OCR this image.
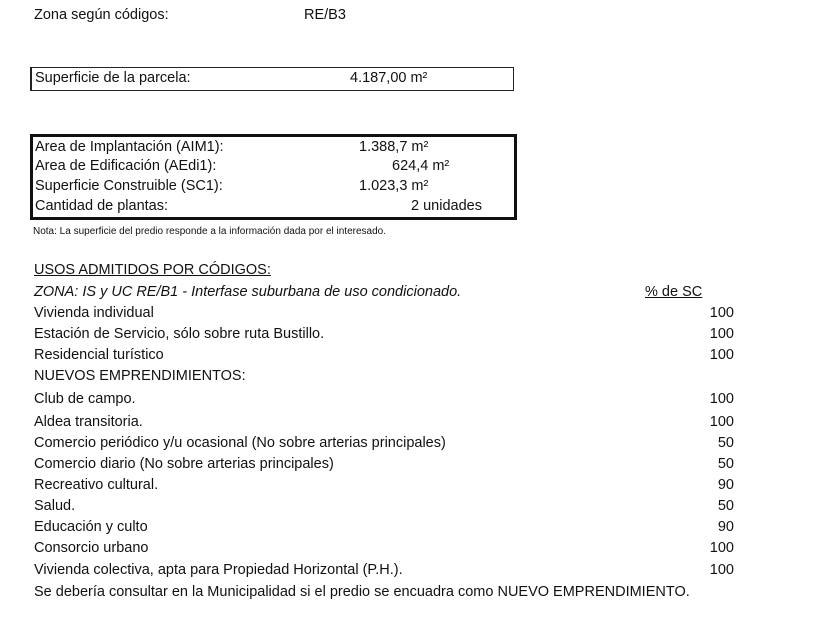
Zona según códigos:	RE/B3
Superficie de la parcela:	4.187,00 m²
Area de Implantación (AIM1):	1.388,7 m²
Area de Edificación (AEdi1):	624,4 m²
Superficie Construible (SC1):	1.023,3 m²
Cantidad de plantas:	2 unidades
Nota: La superficie del predio responde a la información dada por el interesado.
USOS ADMITIDOS POR CÓDIGOS:
ZONA: IS y UC RE/B1 - Interfase suburbana de uso condicionado.	% de SC
Vivienda individual	100
Estación de Servicio, sólo sobre ruta Bustillo.	100
Residencial turístico	100
NUEVOS EMPRENDIMIENTOS:
Club de campo.	100
Aldea transitoria.	100
Comercio periódico y/u ocasional (No sobre arterias principales)	50
Comercio diario (No sobre arterias principales)	50
Recreativo cultural.	90
Salud.	50
Educación y culto	90
Consorcio urbano	100
Vivienda colectiva, apta para Propiedad Horizontal (P.H.).	100
Se debería consultar en la Municipalidad si el predio se encuadra como NUEVO EMPRENDIMIENTO.
